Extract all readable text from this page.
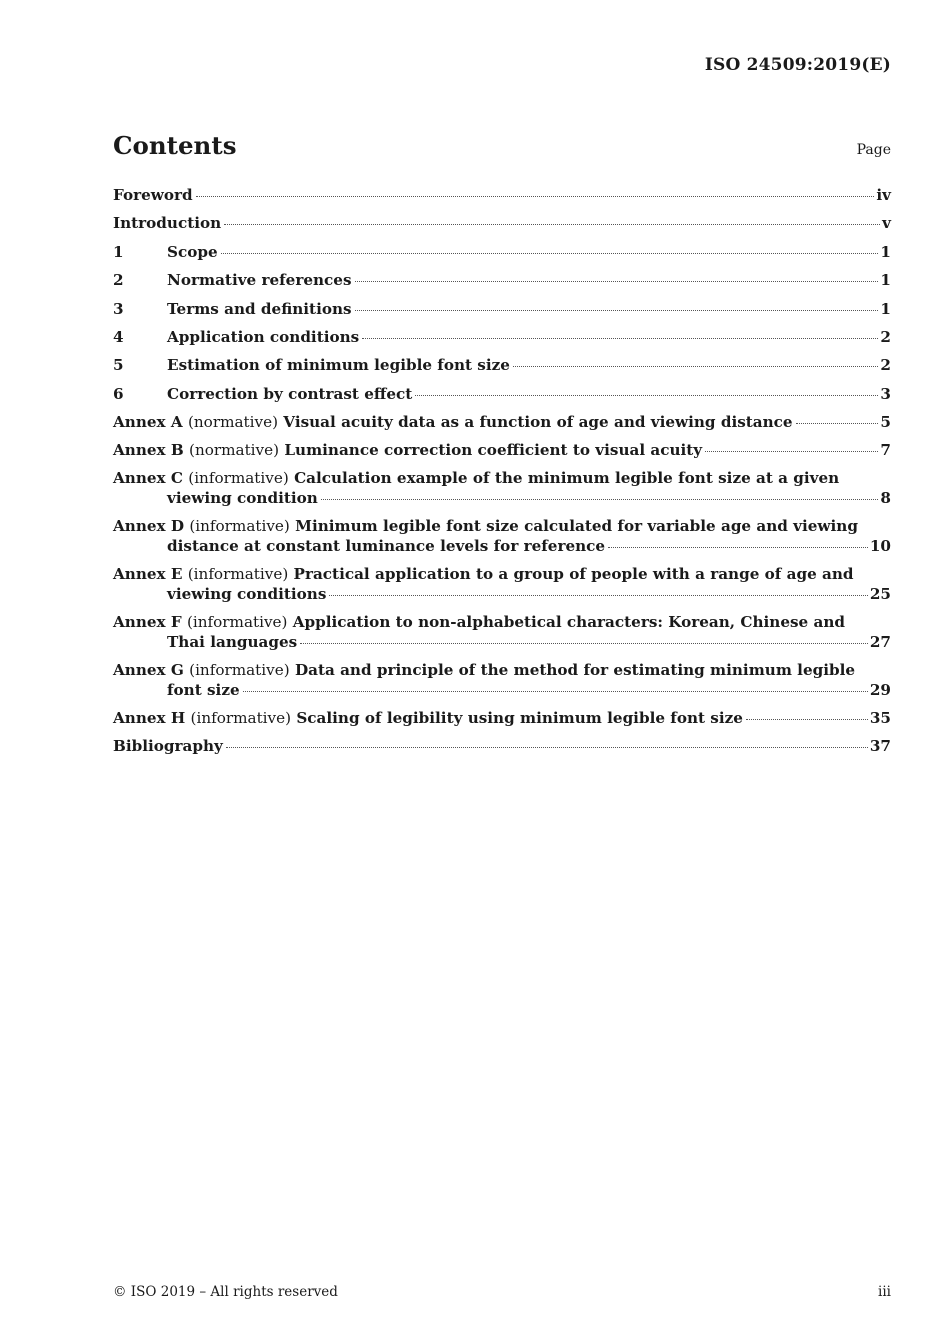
ISO 24509:2019(E)
Contents	Page
Foreword	iv
Introduction	v
1	Scope	1
2	Normative references	1
3	Terms and definitions	1
4	Application conditions	2
5	Estimation of minimum legible font size	2
6	Correction by contrast effect	3
Annex A (normative) Visual acuity data as a function of age and viewing distance	5
Annex B (normative) Luminance correction coefficient to visual acuity	7
Annex C (informative) Calculation example of the minimum legible font size at a given
viewing condition	8
Annex D (informative) Minimum legible font size calculated for variable age and viewing
distance at constant luminance levels for reference	10
Annex E (informative) Practical application to a group of people with a range of age and
viewing conditions	25
Annex F (informative) Application to non-alphabetical characters: Korean, Chinese and
Thai languages	27
Annex G (informative) Data and principle of the method for estimating minimum legible
font size	29
Annex H (informative) Scaling of legibility using minimum legible font size	35
Bibliography	37
© ISO 2019 – All rights reserved	iii
